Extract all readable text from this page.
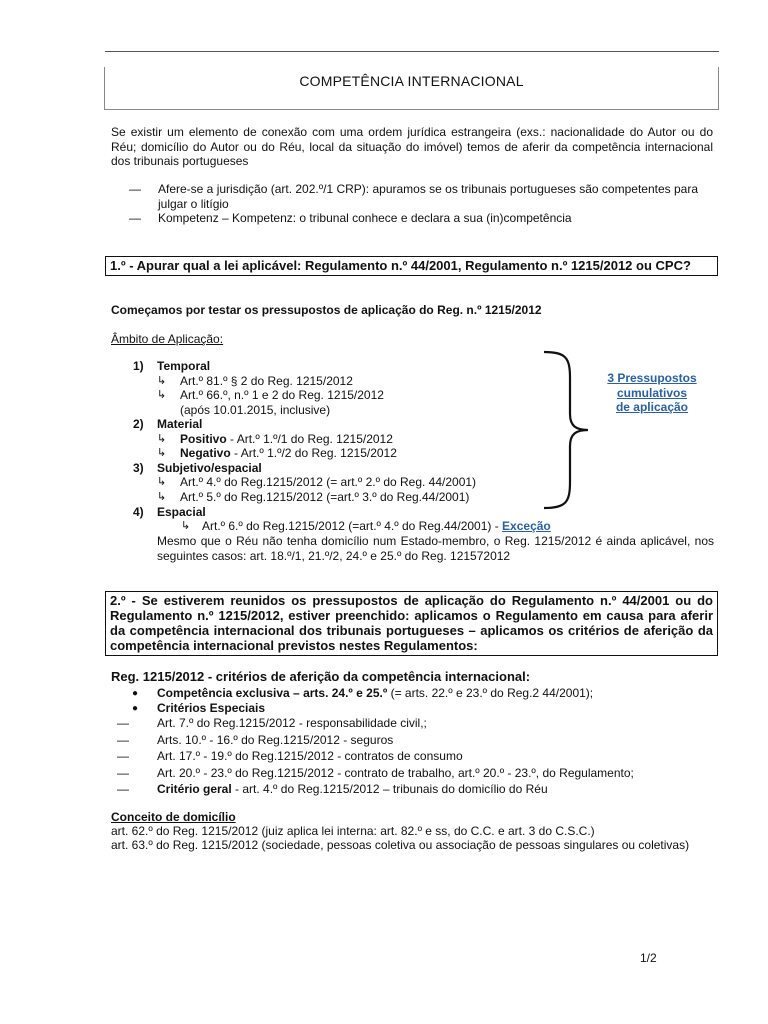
COMPETÊNCIA INTERNACIONAL
Se existir um elemento de conexão com uma ordem jurídica estrangeira (exs.: nacionalidade do Autor ou do Réu; domicílio do Autor ou do Réu, local da situação do imóvel) temos de aferir da competência internacional dos tribunais portugueses
— Afere-se a jurisdição (art. 202.º/1 CRP): apuramos se os tribunais portugueses são competentes para julgar o litígio
— Kompetenz – Kompetenz: o tribunal conhece e declara a sua (in)competência
1.º - Apurar qual a lei aplicável: Regulamento n.º 44/2001, Regulamento n.º 1215/2012 ou CPC?
Começamos por testar os pressupostos de aplicação do Reg. n.º 1215/2012
Âmbito de Aplicação:
1) Temporal
↳ Art.º 81.º § 2 do Reg. 1215/2012
↳ Art.º 66.º, n.º 1 e 2 do Reg. 1215/2012
(após 10.01.2015, inclusive)
2) Material
↳ Positivo - Art.º 1.º/1 do Reg. 1215/2012
↳ Negativo - Art.º 1.º/2 do Reg. 1215/2012
3) Subjetivo/espacial
↳ Art.º 4.º do Reg.1215/2012 (= art.º 2.º do Reg. 44/2001)
↳ Art.º 5.º do Reg.1215/2012 (=art.º 3.º do Reg.44/2001)
4) Espacial
↳ Art.º 6.º do Reg.1215/2012 (=art.º 4.º do Reg.44/2001) - Exceção
Mesmo que o Réu não tenha domicílio num Estado-membro, o Reg. 1215/2012 é ainda aplicável, nos seguintes casos: art. 18.º/1, 21.º/2, 24.º e 25.º do Reg. 121572012
3 Pressupostos
cumulativos
de aplicação
2.º - Se estiverem reunidos os pressupostos de aplicação do Regulamento n.º 44/2001 ou do Regulamento n.º 1215/2012, estiver preenchido: aplicamos o Regulamento em causa para aferir da competência internacional dos tribunais portugueses – aplicamos os critérios de aferição da competência internacional previstos nestes Regulamentos:
Reg. 1215/2012 - critérios de aferição da competência internacional:
● Competência exclusiva – arts. 24.º e 25.º (= arts. 22.º e 23.º do Reg.2 44/2001);
● Critérios Especiais
— Art. 7.º do Reg.1215/2012 - responsabilidade civil,;
— Arts. 10.º - 16.º do Reg.1215/2012 - seguros
— Art. 17.º - 19.º do Reg.1215/2012 - contratos de consumo
— Art. 20.º - 23.º do Reg.1215/2012 - contrato de trabalho, art.º 20.º - 23.º, do Regulamento;
— Critério geral - art. 4.º do Reg.1215/2012 – tribunais do domicílio do Réu
Conceito de domicílio
art. 62.º do Reg. 1215/2012 (juiz aplica lei interna: art. 82.º e ss, do C.C. e art. 3 do C.S.C.)
art. 63.º do Reg. 1215/2012 (sociedade, pessoas coletiva ou associação de pessoas singulares ou coletivas)
1/2
